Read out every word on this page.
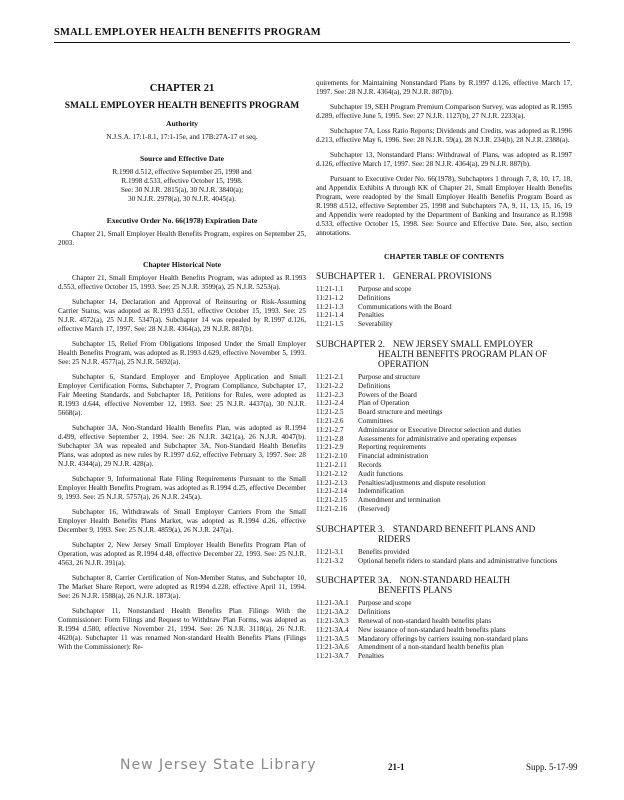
SMALL EMPLOYER HEALTH BENEFITS PROGRAM
CHAPTER 21
SMALL EMPLOYER HEALTH BENEFITS PROGRAM
Authority
N.J.S.A. 17:1-8.1, 17:1-15e, and 17B:27A-17 et seq.
Source and Effective Date
R.1998 d.512, effective September 25, 1998 and
R.1998 d.533, effective October 15, 1998.
See: 30 N.J.R. 2815(a), 30 N.J.R. 3840(a);
30 N.J.R. 2978(a), 30 N.J.R. 4045(a).
Executive Order No. 66(1978) Expiration Date

Chapter 21, Small Employer Health Benefits Program, expires on September 25, 2003.

Chapter Historical Note

Chapter 21, Small Employer Health Benefits Program, was adopted as R.1993 d.553, effective October 15, 1993. See: 25 N.J.R. 3599(a), 25 N.J.R. 5253(a).

Subchapter 14, Declaration and Approval of Reinsuring or Risk-Assuming Carrier Status, was adopted as R.1993 d.551, effective October 15, 1993. See: 25 N.J.R. 4572(a), 25 N.J.R. 5347(a). Subchapter 14 was repealed by R.1997 d.126, effective March 17, 1997. See: 28 N.J.R. 4364(a), 29 N.J.R. 887(b).

Subchapter 15, Relief From Obligations Imposed Under the Small Employer Health Benefits Program, was adopted as R.1993 d.629, effective November 5, 1993. See: 25 N.J.R. 4577(a), 25 N.J.R. 5692(a).

Subchapter 6, Standard Employer and Employee Application and Small Employer Certification Forms, Subchapter 7, Program Compliance, Subchapter 17, Fair Meeting Standards, and Subchapter 18, Petitions for Rules, were adopted as R.1993 d.644, effective November 12, 1993. See: 25 N.J.R. 4437(a), 30 N.J.R. 5668(a).

Subchapter 3A, Non-Standard Health Benefits Plan, was adopted as R.1994 d.499, effective September 2, 1994. See: 26 N.J.R. 3421(a), 26 N.J.R. 4047(b). Subchapter 3A was repealed and Subchapter 3A, Non-Standard Health Benefits Plans, was adopted as new rules by R.1997 d.62, effective February 3, 1997. See: 28 N.J.R. 4344(a), 29 N.J.R. 428(a).

Subchapter 9, Informational Rate Filing Requirements Pursuant to the Small Employer Health Benefits Program, was adopted as R.1994 d.25, effective December 9, 1993. See: 25 N.J.R. 5757(a), 26 N.J.R. 245(a).

Subchapter 16, Withdrawals of Small Employer Carriers From the Small Employer Health Benefits Plans Market, was adopted as R.1994 d.26, effective December 9, 1993. See: 25 N.J.R. 4859(a), 26 N.J.R. 247(a).

Subchapter 2, New Jersey Small Employer Health Benefits Program Plan of Operation, was adopted as R.1994 d.48, effective December 22, 1993. See: 25 N.J.R. 4563, 26 N.J.R. 391(a).

Subchapter 8, Carrier Certification of Non-Member Status, and Subchapter 10, The Market Share Report, were adopted as R1994 d.228, effective April 11, 1994. See: 26 N.J.R. 1588(a), 26 N.J.R. 1873(a).

Subchapter 11, Nonstandard Health Benefits Plan Filings With the Commissioner: Form Filings and Request to Withdraw Plan Forms, was adopted as R.1994 d.580, effective November 21, 1994. See: 26 N.J.R. 3118(a), 26 N.J.R. 4620(a). Subchapter 11 was renamed Non-standard Health Benefits Plans (Filings With the Commissioner): Re-

quirements for Maintaining Nonstandard Plans by R.1997 d.126, effective March 17, 1997. See: 28 N.J.R. 4364(a), 29 N.J.R. 887(b).

Subchapter 19, SEH Program Premium Comparison Survey, was adopted as R.1995 d.289, effective June 5, 1995. See: 27 N.J.R. 1127(b), 27 N.J.R. 2233(a).

Subchapter 7A, Loss Ratio Reports; Dividends and Credits, was adopted as R.1996 d.213, effective May 6, 1996. See: 28 N.J.R. 59(a), 28 N.J.R. 234(b), 28 N.J.R. 2388(a).

Subchapter 13, Nonstandard Plans: Withdrawal of Plans, was adopted as R.1997 d.126, effective March 17, 1997. See: 28 N.J.R. 4364(a), 29 N.J.R. 887(b).

Pursuant to Executive Order No. 66(1978), Subchapters 1 through 7, 8, 10, 17, 18, and Appendix Exhibits A through KK of Chapter 21, Small Employer Health Benefits Program, were readopted by the Small Employer Health Benefits Program Board as R.1998 d.512, effective September 25, 1998 and Subchapters 7A, 9, 11, 13, 15, 16, 19 and Appendix were readopted by the Department of Banking and Insurance as R.1998 d.533, effective October 15, 1998. See: Source and Effective Date. See, also, section annotations.

CHAPTER TABLE OF CONTENTS
SUBCHAPTER 1. GENERAL PROVISIONS
11:21-1.1	Purpose and scope
11:21-1.2	Definitions
11:21-1.3	Communications with the Board
11:21-1.4	Penalties
11:21-1.5	Severability
SUBCHAPTER 2. NEW JERSEY SMALL EMPLOYER
HEALTH BENEFITS PROGRAM PLAN OF
OPERATION
11:21-2.1	Purpose and structure
11:21-2.2	Definitions
11:21-2.3	Powers of the Board
11:21-2.4	Plan of Operation
11:21-2.5	Board structure and meetings
11:21-2.6	Committees
11:21-2.7	Administrator or Executive Director selection and duties
11:21-2.8	Assessments for administrative and operating expenses
11:21-2.9	Reporting requirements
11:21-2.10	Financial administration
11:21-2.11	Records
11:21-2.12	Audit functions
11:21-2.13	Penalties/adjustments and dispute resolution
11:21-2.14	Indemnification
11:21-2.15	Amendment and termination
11:21-2.16	(Reserved)
SUBCHAPTER 3. STANDARD BENEFIT PLANS AND
RIDERS
11:21-3.1	Benefits provided
11:21-3.2	Optional benefit riders to standard plans and administrative functions
SUBCHAPTER 3A. NON-STANDARD HEALTH
BENEFITS PLANS
11:21-3A.1	Purpose and scope
11:21-3A.2	Definitions
11:21-3A.3	Renewal of non-standard health benefits plans
11:21-3A.4	New issuance of non-standard health benefits plans
11:21-3A.5	Mandatory offerings by carriers issuing non-standard plans
11:21-3A.6	Amendment of a non-standard health benefits plan
11:21-3A.7	Penalties
New Jersey State Library	21-1	Supp. 5-17-99
